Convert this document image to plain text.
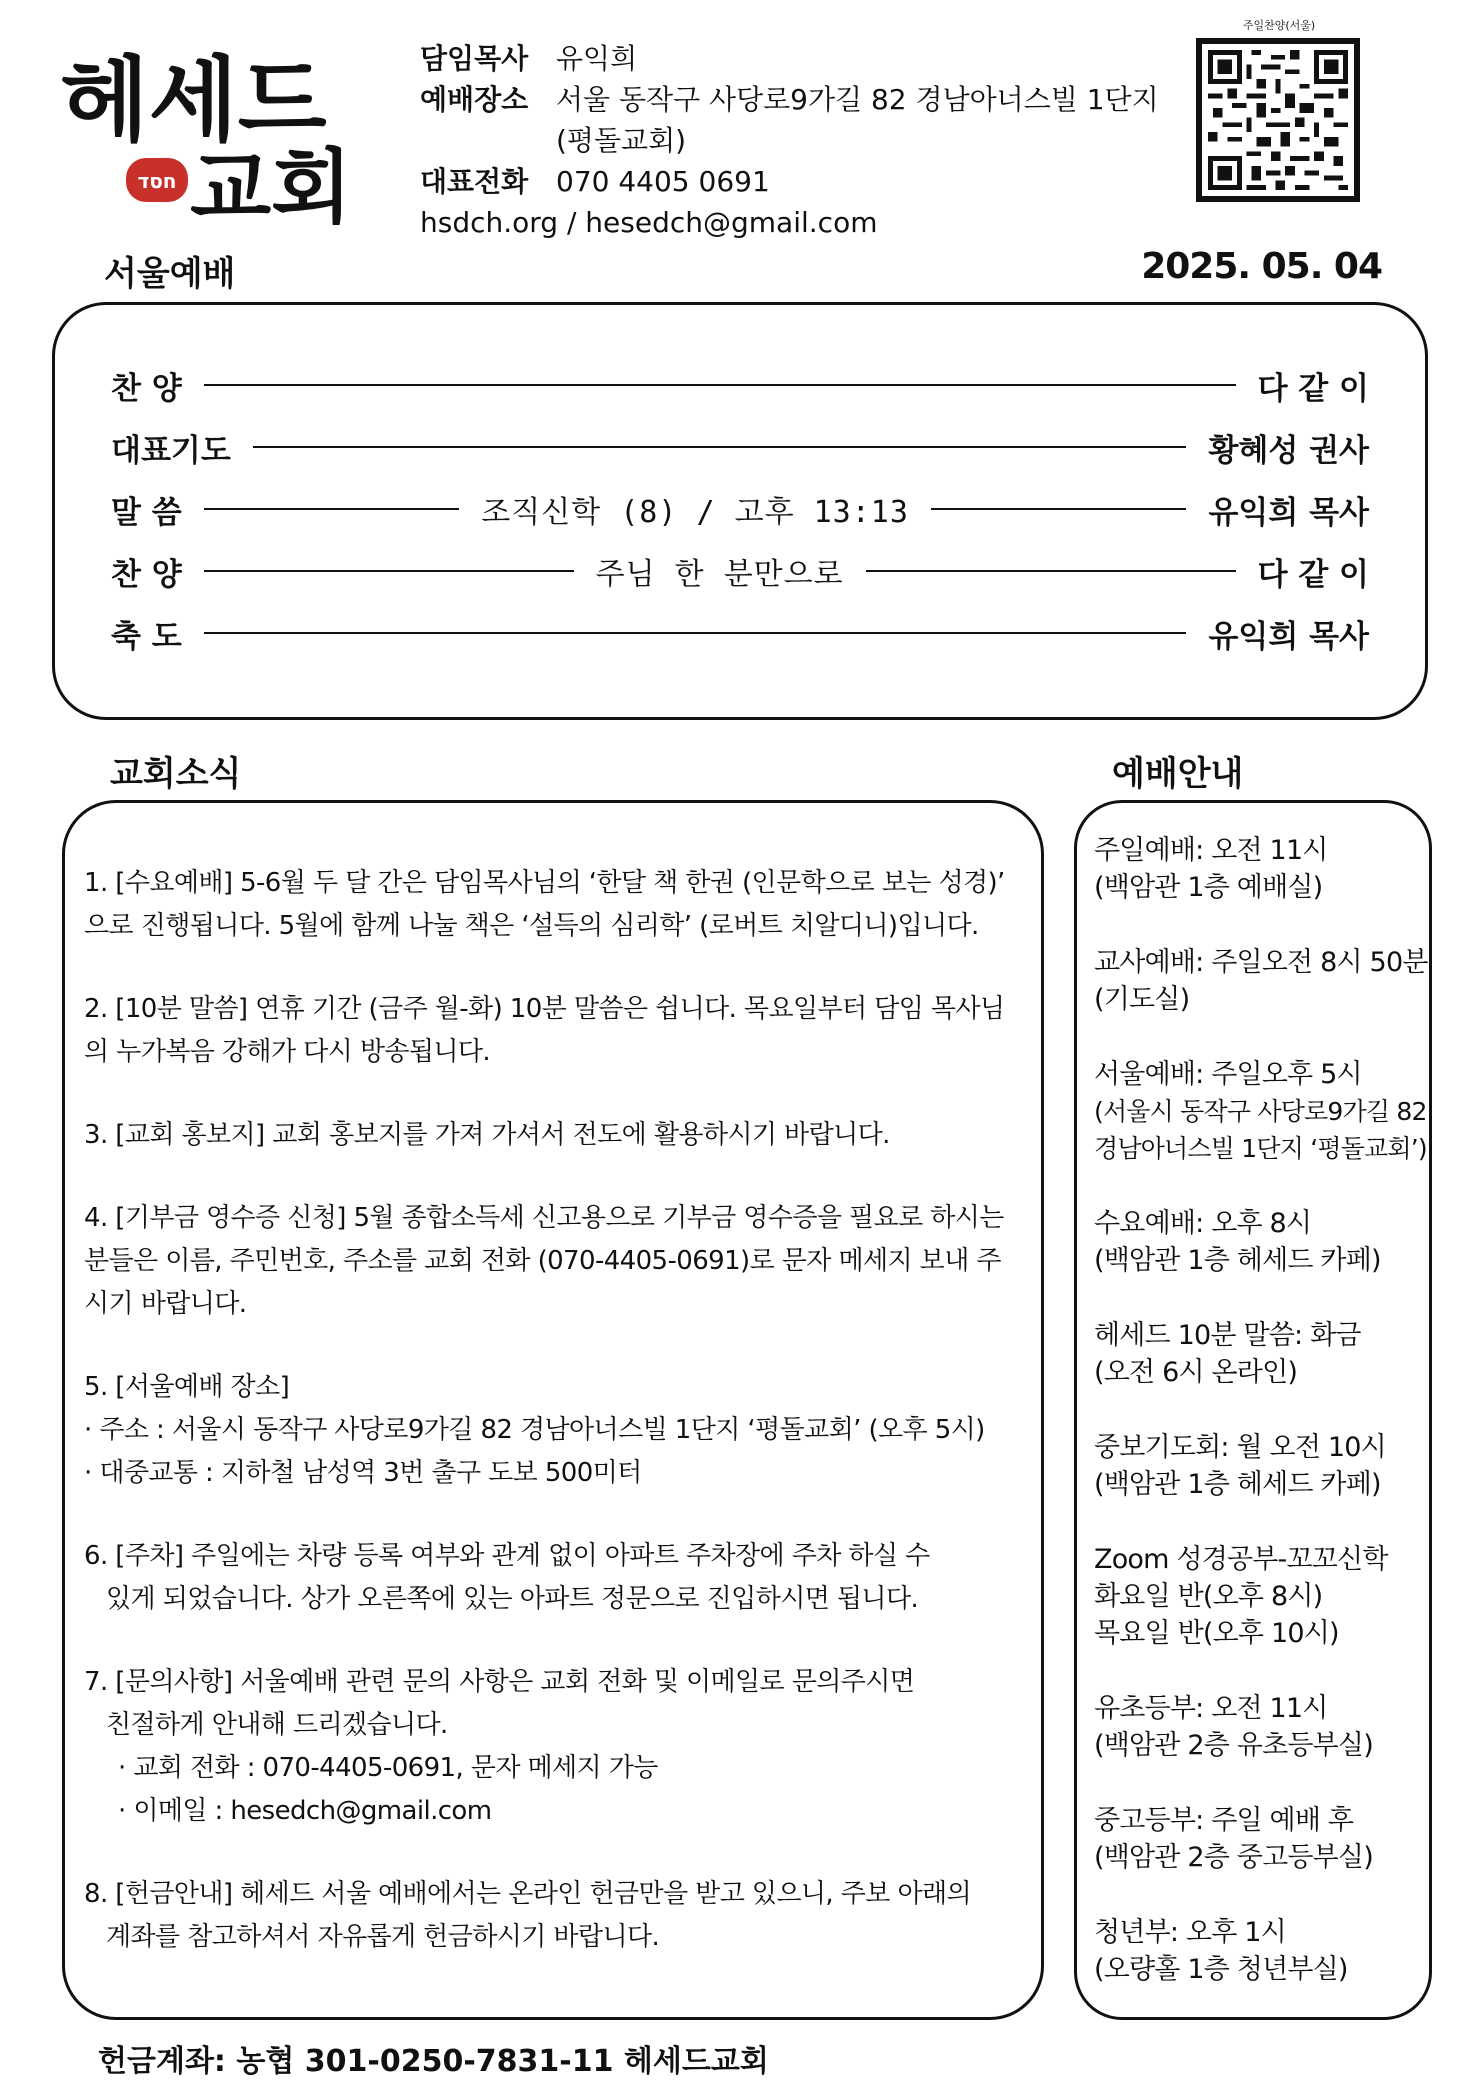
헤세드
교회
חסד
담임목사 유익희
예배장소 서울 동작구 사당로9가길 82 경남아너스빌 1단지
(평돌교회)
대표전화 070 4405 0691
hsdch.org / hesedch@gmail.com
주일찬양(서울)
서울예배	2025. 05. 04
찬 양	다 같 이
대표기도	황혜성 권사
말 씀	조직신학 (8) / 고후 13:13	유익희 목사
찬 양	주님 한 분만으로	다 같 이
축 도	유익희 목사
교회소식	예배안내

1. [수요예배] 5-6월 두 달 간은 담임목사님의 ‘한달 책 한권 (인문학으로 보는 성경)’

으로 진행됩니다. 5월에 함께 나눌 책은 ‘설득의 심리학’ (로버트 치알디니)입니다.

2. [10분 말씀] 연휴 기간 (금주 월-화) 10분 말씀은 쉽니다. 목요일부터 담임 목사님

의 누가복음 강해가 다시 방송됩니다.

3. [교회 홍보지] 교회 홍보지를 가져 가셔서 전도에 활용하시기 바랍니다.

4. [기부금 영수증 신청] 5월 종합소득세 신고용으로 기부금 영수증을 필요로 하시는

분들은 이름, 주민번호, 주소를 교회 전화 (070-4405-0691)로 문자 메세지 보내 주

시기 바랍니다.

5. [서울예배 장소]

· 주소 : 서울시 동작구 사당로9가길 82 경남아너스빌 1단지 ‘평돌교회’ (오후 5시)

· 대중교통 : 지하철 남성역 3번 출구 도보 500미터

6. [주차] 주일에는 차량 등록 여부와 관계 없이 아파트 주차장에 주차 하실 수

있게 되었습니다. 상가 오른쪽에 있는 아파트 정문으로 진입하시면 됩니다.

7. [문의사항] 서울예배 관련 문의 사항은 교회 전화 및 이메일로 문의주시면

친절하게 안내해 드리겠습니다.

· 교회 전화 : 070-4405-0691, 문자 메세지 가능

· 이메일 : hesedch@gmail.com

8. [헌금안내] 헤세드 서울 예배에서는 온라인 헌금만을 받고 있으니, 주보 아래의

계좌를 참고하셔서 자유롭게 헌금하시기 바랍니다.

주일예배: 오전 11시

(백암관 1층 예배실)

교사예배: 주일오전 8시 50분

(기도실)

서울예배: 주일오후 5시

(서울시 동작구 사당로9가길 82

경남아너스빌 1단지 ‘평돌교회’)

수요예배: 오후 8시

(백암관 1층 헤세드 카페)

헤세드 10분 말씀: 화금

(오전 6시 온라인)

중보기도회: 월 오전 10시

(백암관 1층 헤세드 카페)

Zoom 성경공부-꼬꼬신학

화요일 반(오후 8시)

목요일 반(오후 10시)

유초등부: 오전 11시

(백암관 2층 유초등부실)

중고등부: 주일 예배 후

(백암관 2층 중고등부실)

청년부: 오후 1시

(오량홀 1층 청년부실)

헌금계좌: 농협 301-0250-7831-11 헤세드교회
